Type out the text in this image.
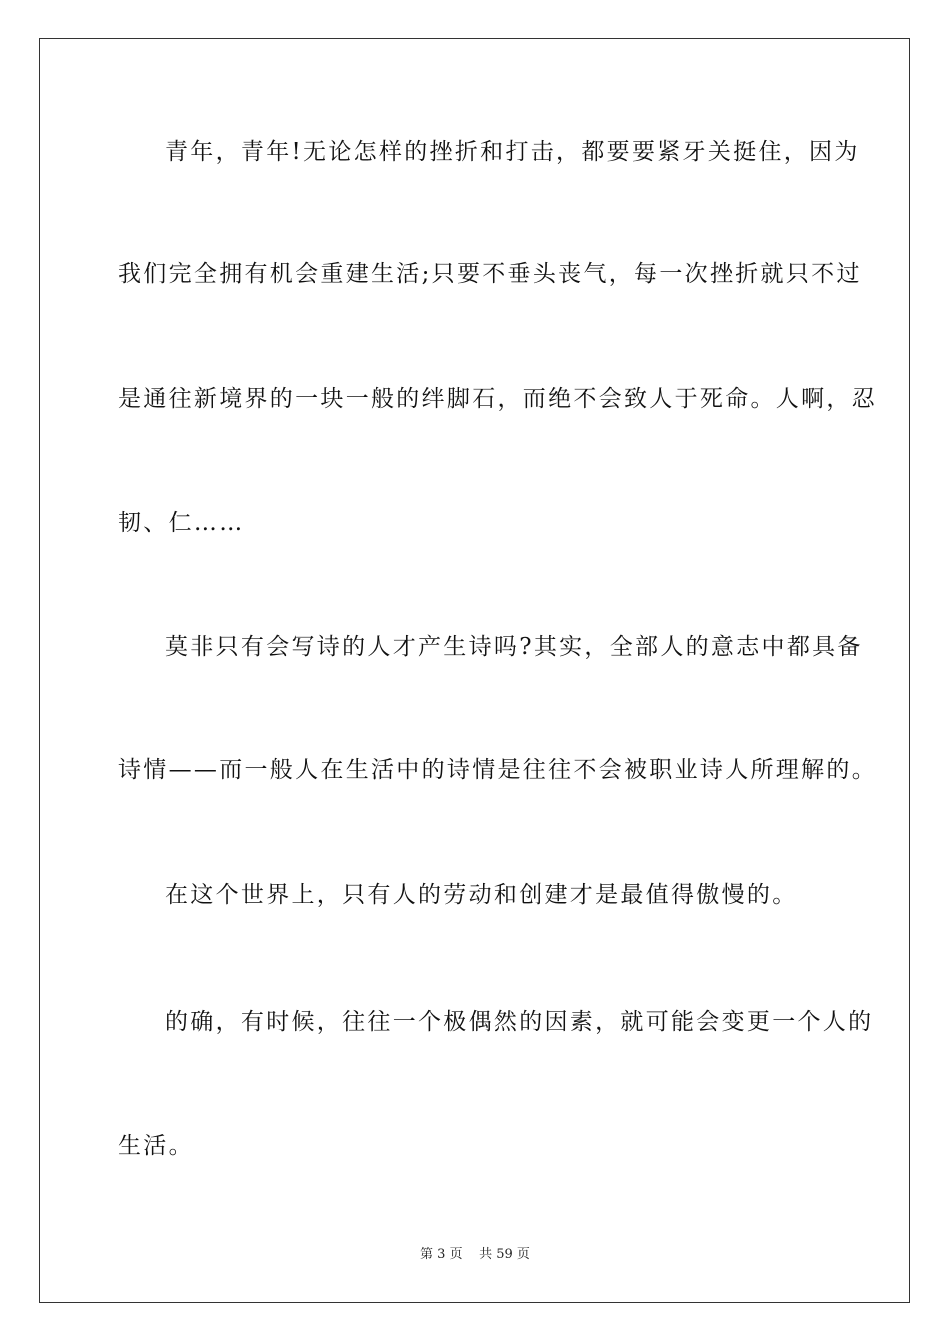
青年，青年!无论怎样的挫折和打击，都要要紧牙关挺住，因为
我们完全拥有机会重建生活;只要不垂头丧气，每一次挫折就只不过
是通往新境界的一块一般的绊脚石，而绝不会致人于死命。人啊，忍
韧、仁……
莫非只有会写诗的人才产生诗吗?其实，全部人的意志中都具备
诗情——而一般人在生活中的诗情是往往不会被职业诗人所理解的。
在这个世界上，只有人的劳动和创建才是最值得傲慢的。
的确，有时候，往往一个极偶然的因素，就可能会变更一个人的
生活。
第 3 页 共 59 页
